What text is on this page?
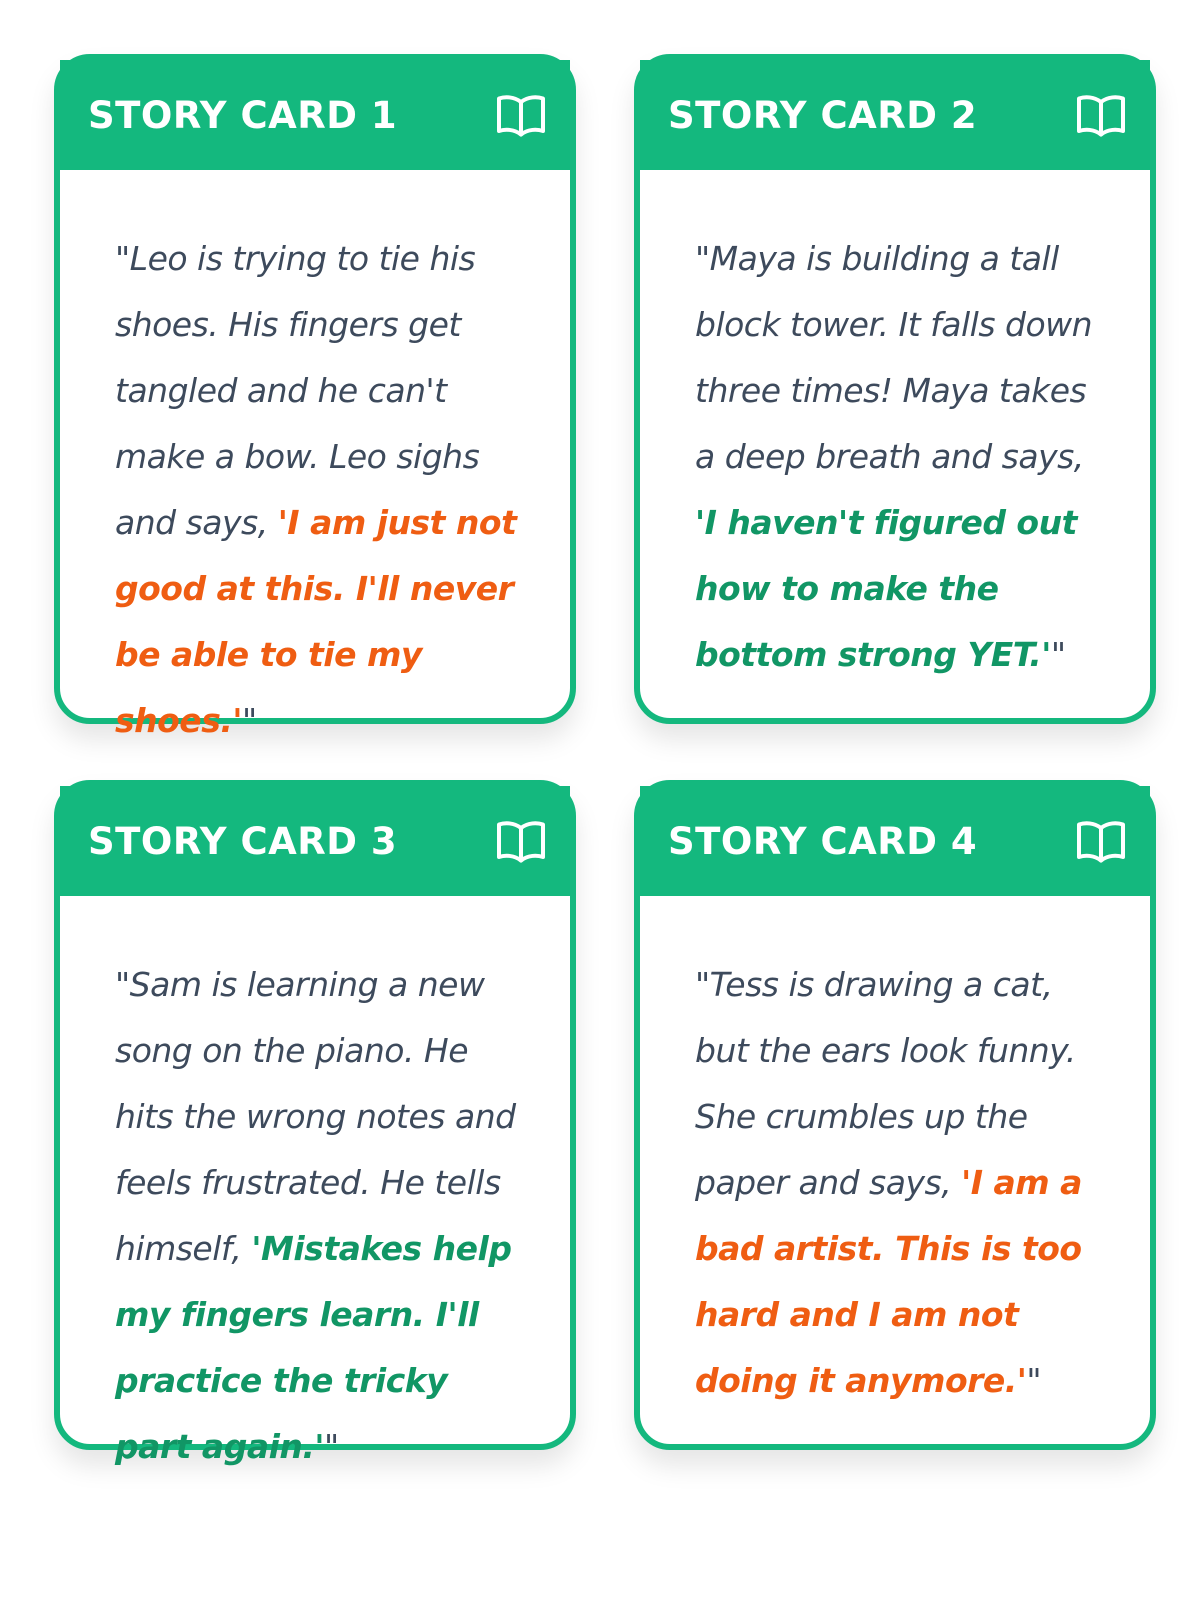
STORY CARD 1

"Leo is trying to tie his shoes. His fingers get tangled and he can't make a bow. Leo sighs and says, 'I am just not good at this. I'll never be able to tie my shoes.'"

STORY CARD 2

"Maya is building a tall block tower. It falls down three times! Maya takes a deep breath and says, 'I haven't figured out how to make the bottom strong YET.'"

STORY CARD 3

"Sam is learning a new song on the piano. He hits the wrong notes and feels frustrated. He tells himself, 'Mistakes help my fingers learn. I'll practice the tricky part again.'"

STORY CARD 4

"Tess is drawing a cat, but the ears look funny. She crumbles up the paper and says, 'I am a bad artist. This is too hard and I am not doing it anymore.'"
